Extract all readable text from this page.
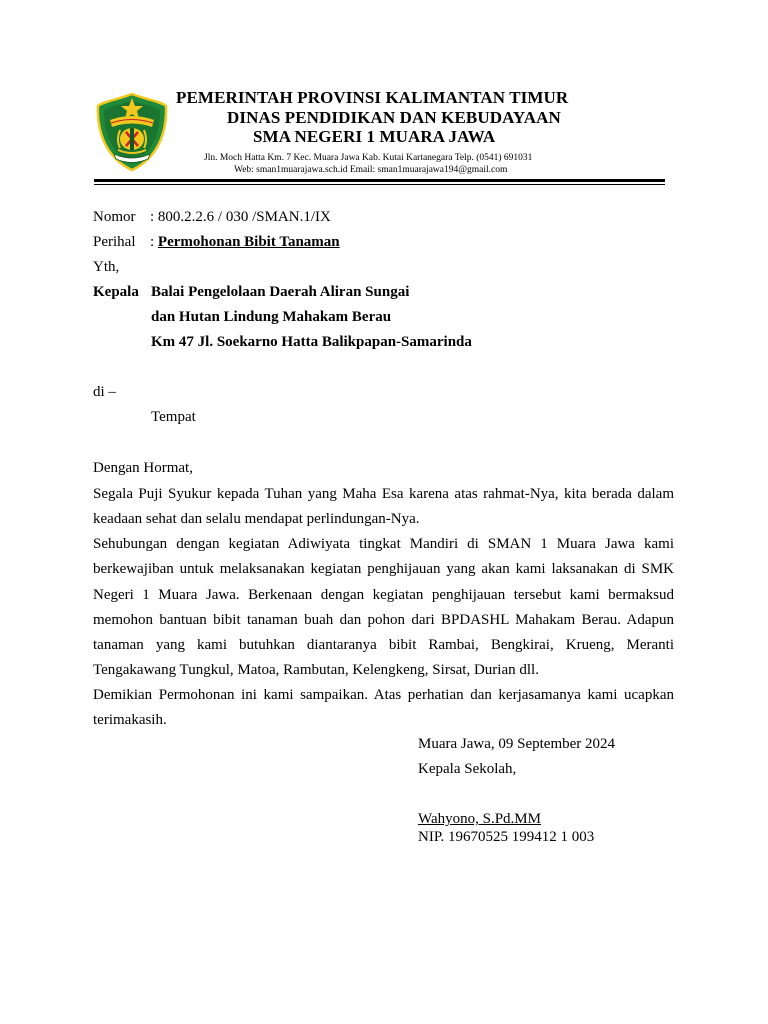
PEMERINTAH PROVINSI KALIMANTAN TIMUR
DINAS PENDIDIKAN DAN KEBUDAYAAN
SMA NEGERI 1 MUARA JAWA
Jln. Moch Hatta Km. 7 Kec. Muara Jawa Kab. Kutai Kartanegara Telp. (0541) 691031
Web: sman1muarajawa.sch.id Email: sman1muarajawa194@gmail.com
Nomor : 800.2.2.6 / 030 /SMAN.1/IX
Perihal : Permohonan Bibit Tanaman
Yth,
Kepala Balai Pengelolaan Daerah Aliran Sungai
dan Hutan Lindung Mahakam Berau
Km 47 Jl. Soekarno Hatta Balikpapan-Samarinda
di –
Tempat
Dengan Hormat,
Segala Puji Syukur kepada Tuhan yang Maha Esa karena atas rahmat-Nya, kita berada dalam
keadaan sehat dan selalu mendapat perlindungan-Nya.
Sehubungan dengan kegiatan Adiwiyata tingkat Mandiri di SMAN 1 Muara Jawa kami
berkewajiban untuk melaksanakan kegiatan penghijauan yang akan kami laksanakan di SMK
Negeri 1 Muara Jawa. Berkenaan dengan kegiatan penghijauan tersebut kami bermaksud
memohon bantuan bibit tanaman buah dan pohon dari BPDASHL Mahakam Berau. Adapun
tanaman yang kami butuhkan diantaranya bibit Rambai, Bengkirai, Krueng, Meranti
Tengakawang Tungkul, Matoa, Rambutan, Kelengkeng, Sirsat, Durian dll.
Demikian Permohonan ini kami sampaikan. Atas perhatian dan kerjasamanya kami ucapkan
terimakasih.
Muara Jawa, 09 September 2024
Kepala Sekolah,
Wahyono, S.Pd.MM
NIP. 19670525 199412 1 003
